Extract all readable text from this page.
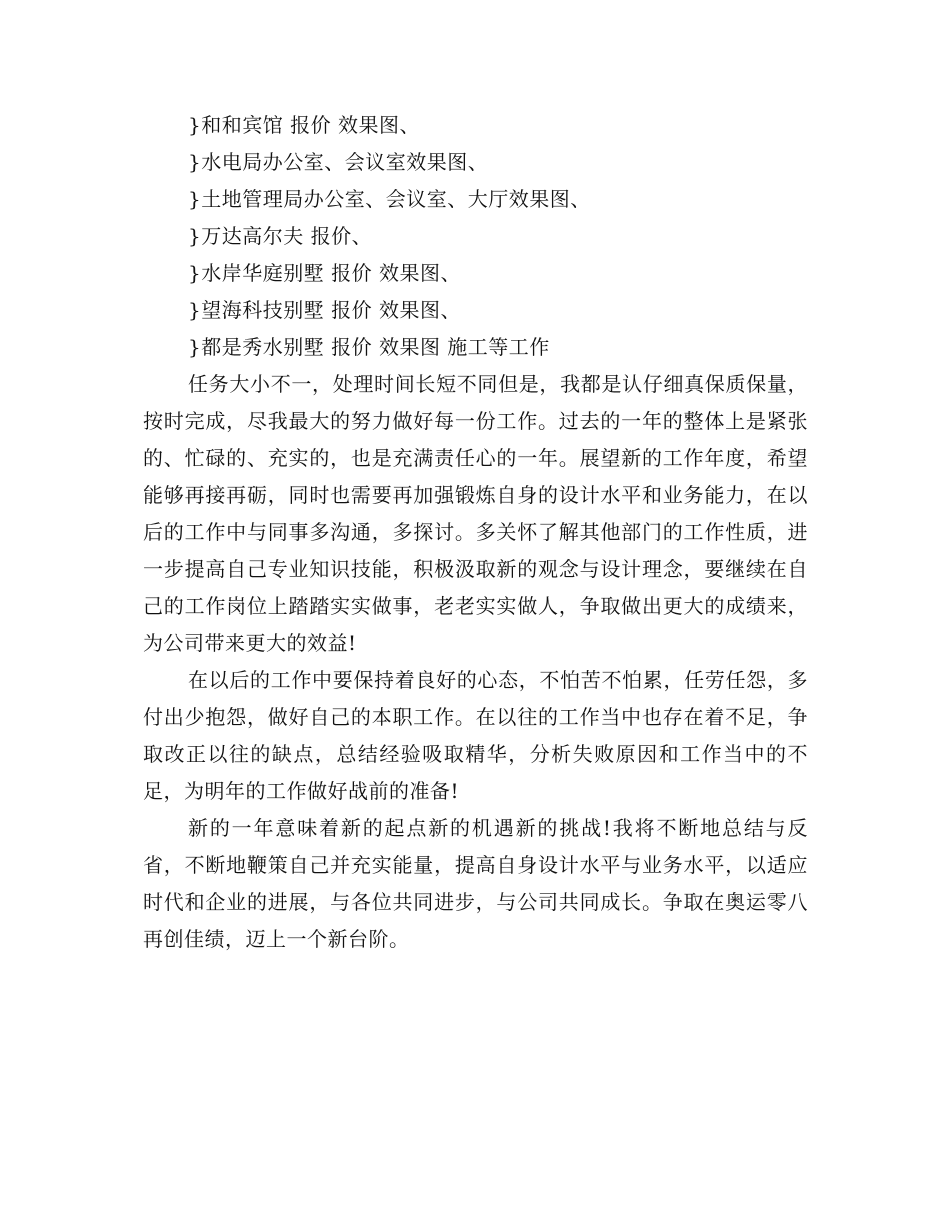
}和和宾馆 报价 效果图、
}水电局办公室、会议室效果图、
}土地管理局办公室、会议室、大厅效果图、
}万达高尔夫 报价、
}水岸华庭别墅 报价 效果图、
}望海科技别墅 报价 效果图、
}都是秀水别墅 报价 效果图 施工等工作

任务大小不一，处理时间长短不同但是，我都是认仔细真保质保量，按时完成，尽我最大的努力做好每一份工作。过去的一年的整体上是紧张的、忙碌的、充实的，也是充满责任心的一年。展望新的工作年度，希望能够再接再砺，同时也需要再加强锻炼自身的设计水平和业务能力，在以后的工作中与同事多沟通，多探讨。多关怀了解其他部门的工作性质，进一步提高自己专业知识技能，积极汲取新的观念与设计理念，要继续在自己的工作岗位上踏踏实实做事，老老实实做人，争取做出更大的成绩来，为公司带来更大的效益!

在以后的工作中要保持着良好的心态，不怕苦不怕累，任劳任怨，多付出少抱怨，做好自己的本职工作。在以往的工作当中也存在着不足，争取改正以往的缺点，总结经验吸取精华，分析失败原因和工作当中的不足，为明年的工作做好战前的准备!

新的一年意味着新的起点新的机遇新的挑战!我将不断地总结与反省，不断地鞭策自己并充实能量，提高自身设计水平与业务水平，以适应时代和企业的进展，与各位共同进步，与公司共同成长。争取在奥运零八再创佳绩，迈上一个新台阶。
